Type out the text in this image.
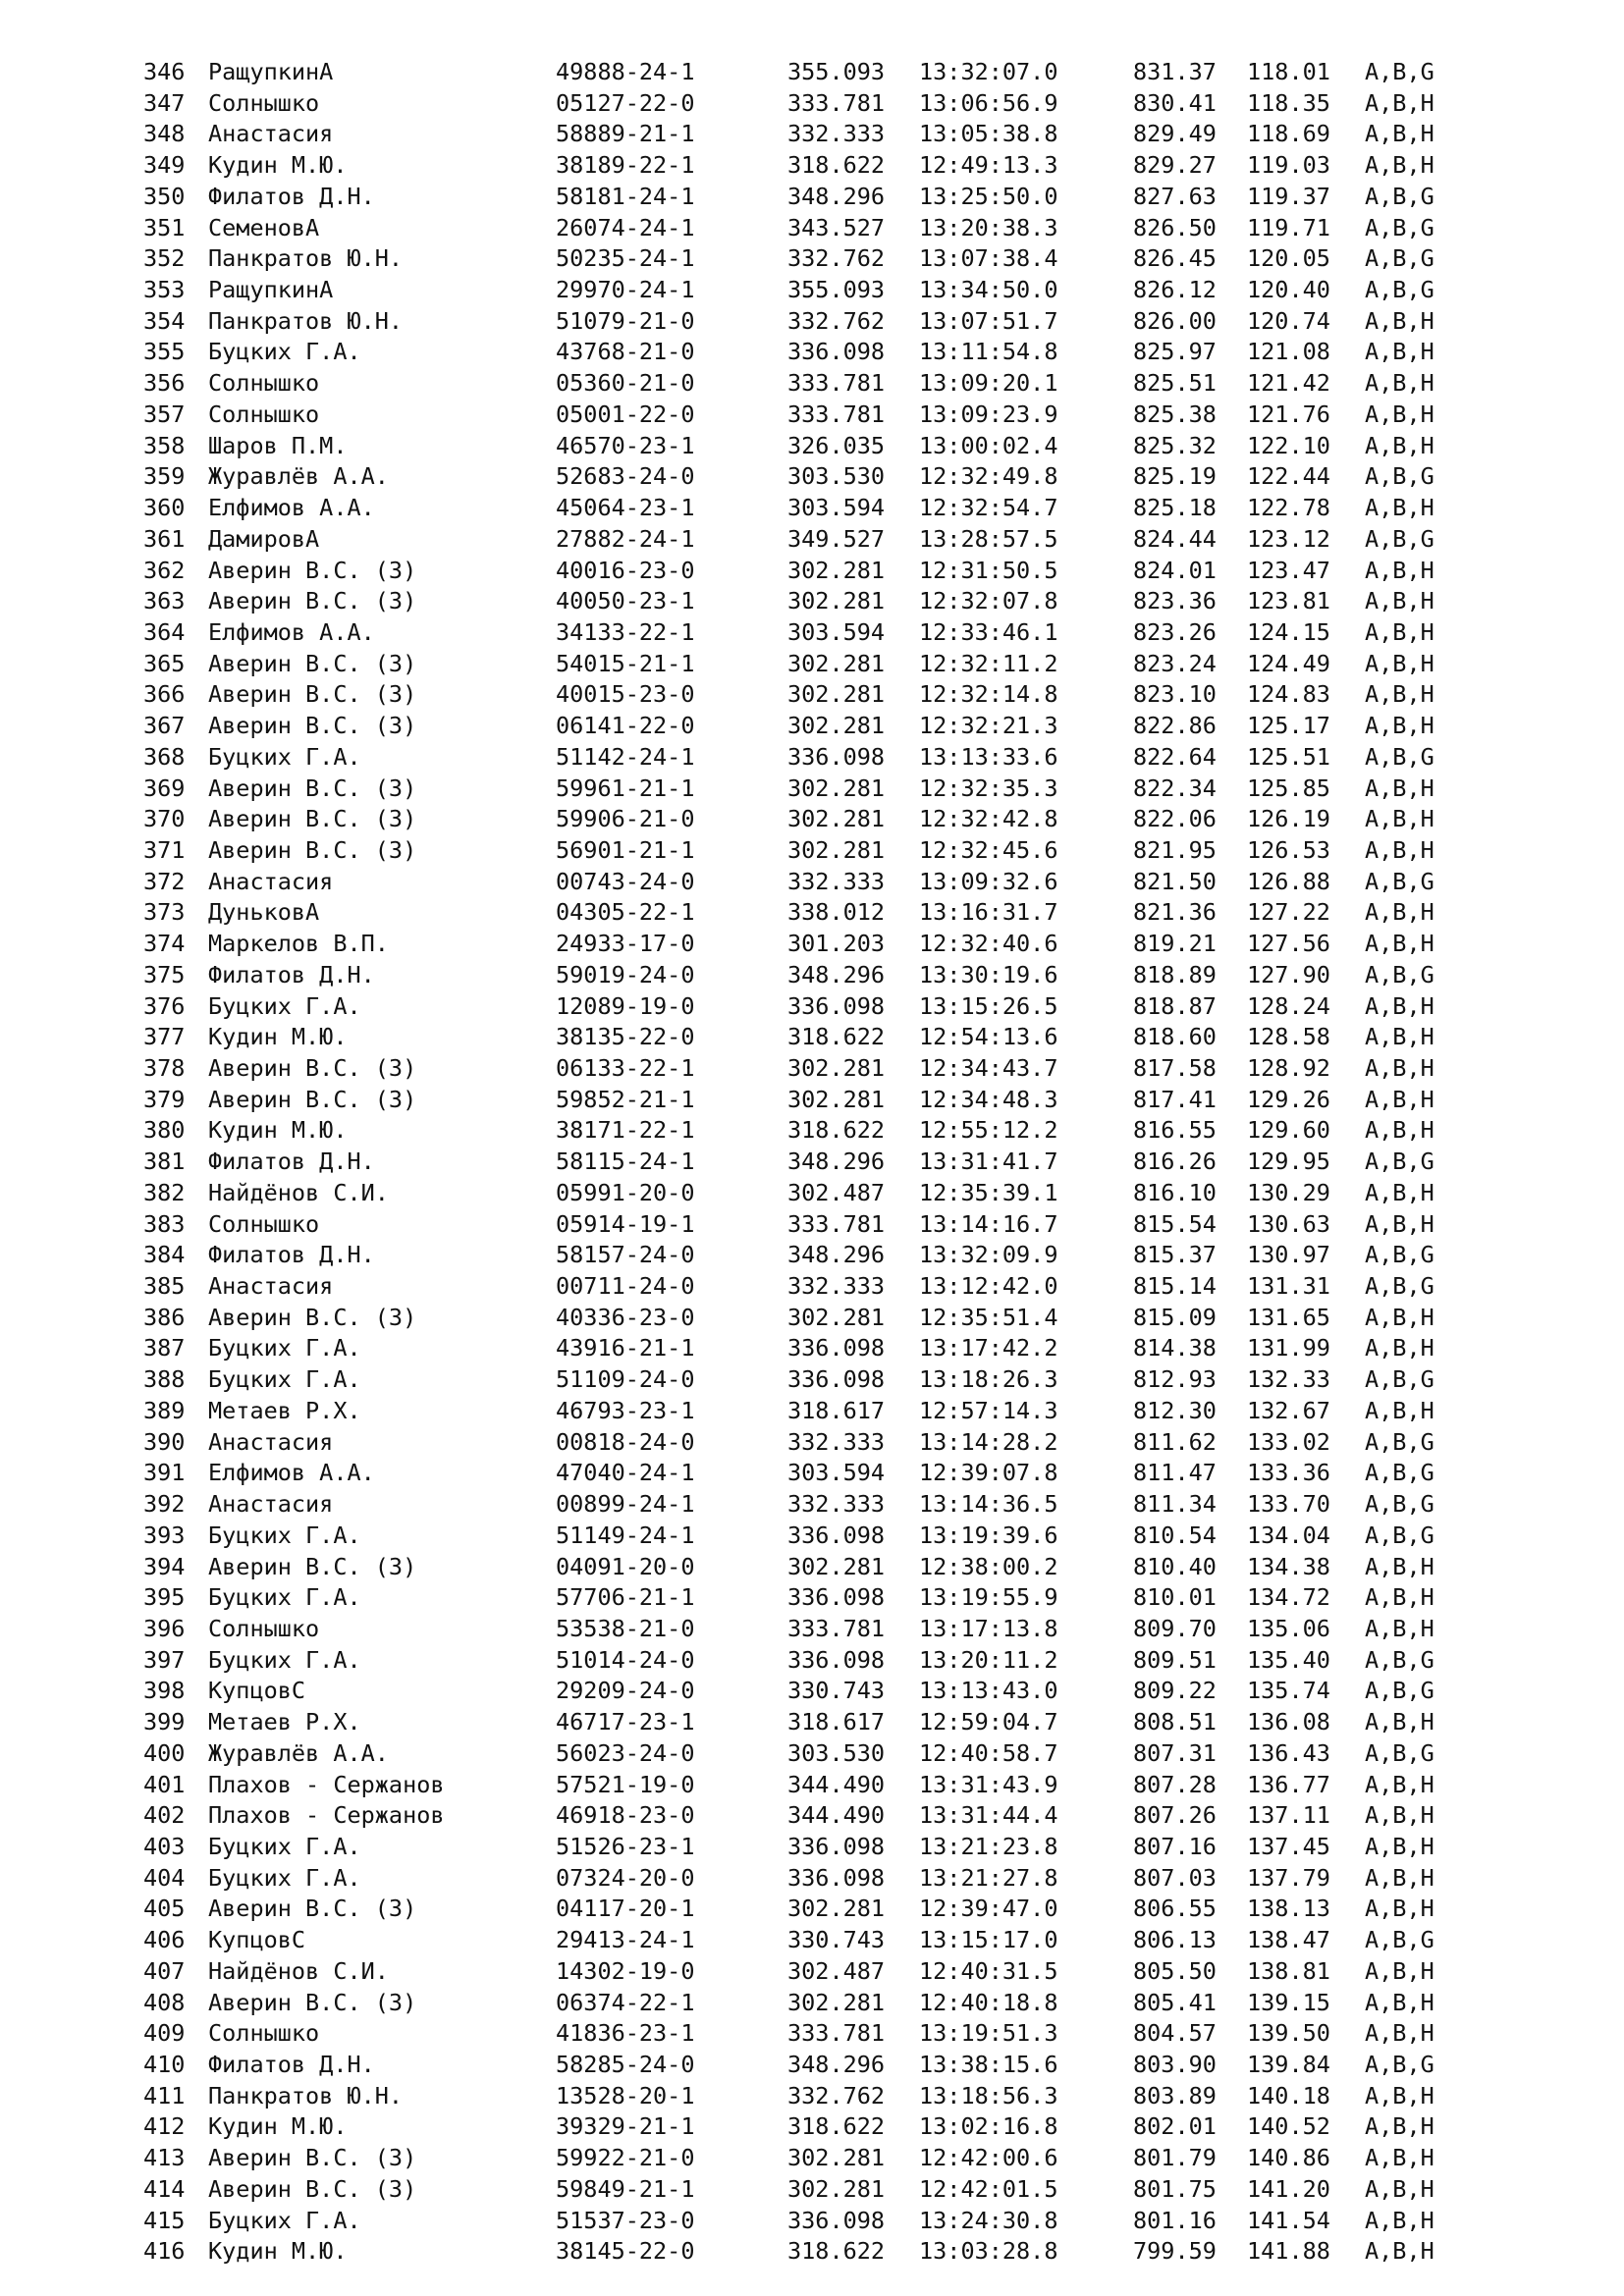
346 РащупкинА	49888-24-1	355.093 13:32:07.0	831.37 118.01 A,B,G
347 Солнышко	05127-22-0	333.781 13:06:56.9	830.41 118.35 A,B,H
348 Анастасия	58889-21-1	332.333 13:05:38.8	829.49 118.69 A,B,H
349 Кудин М.Ю.	38189-22-1	318.622 12:49:13.3	829.27 119.03 A,B,H
350 Филатов Д.Н.	58181-24-1	348.296 13:25:50.0	827.63 119.37 A,B,G
351 СеменовА	26074-24-1	343.527 13:20:38.3	826.50 119.71 A,B,G
352 Панкратов Ю.Н.	50235-24-1	332.762 13:07:38.4	826.45 120.05 A,B,G
353 РащупкинА	29970-24-1	355.093 13:34:50.0	826.12 120.40 A,B,G
354 Панкратов Ю.Н.	51079-21-0	332.762 13:07:51.7	826.00 120.74 A,B,H
355 Буцких Г.А.	43768-21-0	336.098 13:11:54.8	825.97 121.08 A,B,H
356 Солнышко	05360-21-0	333.781 13:09:20.1	825.51 121.42 A,B,H
357 Солнышко	05001-22-0	333.781 13:09:23.9	825.38 121.76 A,B,H
358 Шаров П.М.	46570-23-1	326.035 13:00:02.4	825.32 122.10 A,B,H
359 Журавлёв А.А.	52683-24-0	303.530 12:32:49.8	825.19 122.44 A,B,G
360 Елфимов А.А.	45064-23-1	303.594 12:32:54.7	825.18 122.78 A,B,H
361 ДамировА	27882-24-1	349.527 13:28:57.5	824.44 123.12 A,B,G
362 Аверин В.С. (З)	40016-23-0	302.281 12:31:50.5	824.01 123.47 A,B,H
363 Аверин В.С. (З)	40050-23-1	302.281 12:32:07.8	823.36 123.81 A,B,H
364 Елфимов А.А.	34133-22-1	303.594 12:33:46.1	823.26 124.15 A,B,H
365 Аверин В.С. (З)	54015-21-1	302.281 12:32:11.2	823.24 124.49 A,B,H
366 Аверин В.С. (З)	40015-23-0	302.281 12:32:14.8	823.10 124.83 A,B,H
367 Аверин В.С. (З)	06141-22-0	302.281 12:32:21.3	822.86 125.17 A,B,H
368 Буцких Г.А.	51142-24-1	336.098 13:13:33.6	822.64 125.51 A,B,G
369 Аверин В.С. (З)	59961-21-1	302.281 12:32:35.3	822.34 125.85 A,B,H
370 Аверин В.С. (З)	59906-21-0	302.281 12:32:42.8	822.06 126.19 A,B,H
371 Аверин В.С. (З)	56901-21-1	302.281 12:32:45.6	821.95 126.53 A,B,H
372 Анастасия	00743-24-0	332.333 13:09:32.6	821.50 126.88 A,B,G
373 ДуньковА	04305-22-1	338.012 13:16:31.7	821.36 127.22 A,B,H
374 Маркелов В.П.	24933-17-0	301.203 12:32:40.6	819.21 127.56 A,B,H
375 Филатов Д.Н.	59019-24-0	348.296 13:30:19.6	818.89 127.90 A,B,G
376 Буцких Г.А.	12089-19-0	336.098 13:15:26.5	818.87 128.24 A,B,H
377 Кудин М.Ю.	38135-22-0	318.622 12:54:13.6	818.60 128.58 A,B,H
378 Аверин В.С. (З)	06133-22-1	302.281 12:34:43.7	817.58 128.92 A,B,H
379 Аверин В.С. (З)	59852-21-1	302.281 12:34:48.3	817.41 129.26 A,B,H
380 Кудин М.Ю.	38171-22-1	318.622 12:55:12.2	816.55 129.60 A,B,H
381 Филатов Д.Н.	58115-24-1	348.296 13:31:41.7	816.26 129.95 A,B,G
382 Найдёнов С.И.	05991-20-0	302.487 12:35:39.1	816.10 130.29 A,B,H
383 Солнышко	05914-19-1	333.781 13:14:16.7	815.54 130.63 A,B,H
384 Филатов Д.Н.	58157-24-0	348.296 13:32:09.9	815.37 130.97 A,B,G
385 Анастасия	00711-24-0	332.333 13:12:42.0	815.14 131.31 A,B,G
386 Аверин В.С. (З)	40336-23-0	302.281 12:35:51.4	815.09 131.65 A,B,H
387 Буцких Г.А.	43916-21-1	336.098 13:17:42.2	814.38 131.99 A,B,H
388 Буцких Г.А.	51109-24-0	336.098 13:18:26.3	812.93 132.33 A,B,G
389 Метаев Р.Х.	46793-23-1	318.617 12:57:14.3	812.30 132.67 A,B,H
390 Анастасия	00818-24-0	332.333 13:14:28.2	811.62 133.02 A,B,G
391 Елфимов А.А.	47040-24-1	303.594 12:39:07.8	811.47 133.36 A,B,G
392 Анастасия	00899-24-1	332.333 13:14:36.5	811.34 133.70 A,B,G
393 Буцких Г.А.	51149-24-1	336.098 13:19:39.6	810.54 134.04 A,B,G
394 Аверин В.С. (З)	04091-20-0	302.281 12:38:00.2	810.40 134.38 A,B,H
395 Буцких Г.А.	57706-21-1	336.098 13:19:55.9	810.01 134.72 A,B,H
396 Солнышко	53538-21-0	333.781 13:17:13.8	809.70 135.06 A,B,H
397 Буцких Г.А.	51014-24-0	336.098 13:20:11.2	809.51 135.40 A,B,G
398 КупцовС	29209-24-0	330.743 13:13:43.0	809.22 135.74 A,B,G
399 Метаев Р.Х.	46717-23-1	318.617 12:59:04.7	808.51 136.08 A,B,H
400 Журавлёв А.А.	56023-24-0	303.530 12:40:58.7	807.31 136.43 A,B,G
401 Плахов - Сержанов	57521-19-0	344.490 13:31:43.9	807.28 136.77 A,B,H
402 Плахов - Сержанов	46918-23-0	344.490 13:31:44.4	807.26 137.11 A,B,H
403 Буцких Г.А.	51526-23-1	336.098 13:21:23.8	807.16 137.45 A,B,H
404 Буцких Г.А.	07324-20-0	336.098 13:21:27.8	807.03 137.79 A,B,H
405 Аверин В.С. (З)	04117-20-1	302.281 12:39:47.0	806.55 138.13 A,B,H
406 КупцовС	29413-24-1	330.743 13:15:17.0	806.13 138.47 A,B,G
407 Найдёнов С.И.	14302-19-0	302.487 12:40:31.5	805.50 138.81 A,B,H
408 Аверин В.С. (З)	06374-22-1	302.281 12:40:18.8	805.41 139.15 A,B,H
409 Солнышко	41836-23-1	333.781 13:19:51.3	804.57 139.50 A,B,H
410 Филатов Д.Н.	58285-24-0	348.296 13:38:15.6	803.90 139.84 A,B,G
411 Панкратов Ю.Н.	13528-20-1	332.762 13:18:56.3	803.89 140.18 A,B,H
412 Кудин М.Ю.	39329-21-1	318.622 13:02:16.8	802.01 140.52 A,B,H
413 Аверин В.С. (З)	59922-21-0	302.281 12:42:00.6	801.79 140.86 A,B,H
414 Аверин В.С. (З)	59849-21-1	302.281 12:42:01.5	801.75 141.20 A,B,H
415 Буцких Г.А.	51537-23-0	336.098 13:24:30.8	801.16 141.54 A,B,H
416 Кудин М.Ю.	38145-22-0	318.622 13:03:28.8	799.59 141.88 A,B,H
